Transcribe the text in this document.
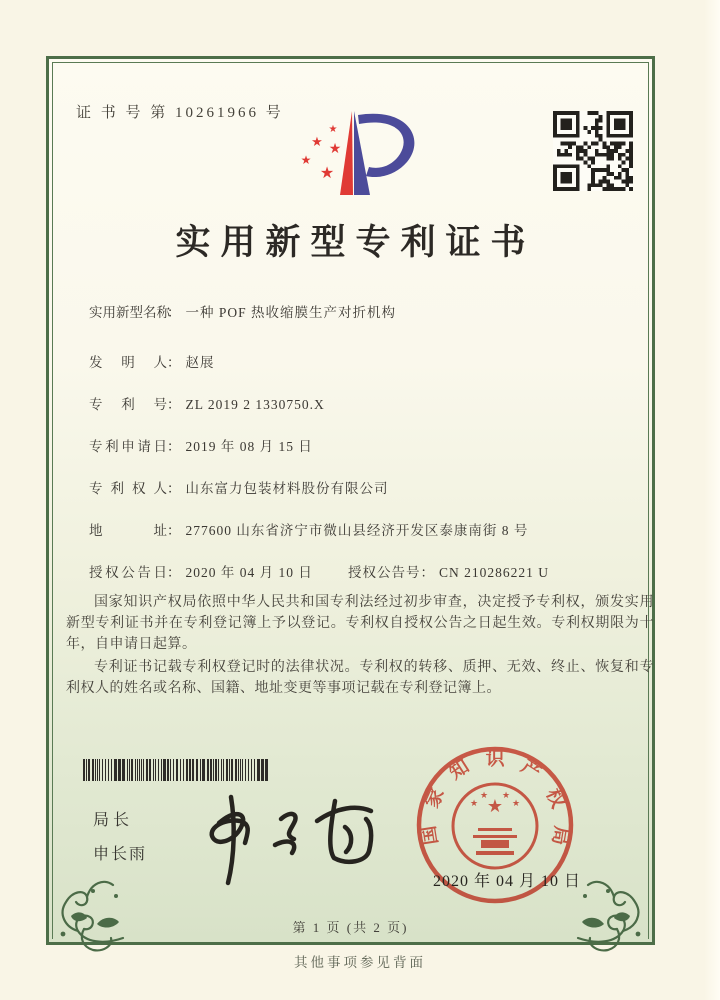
证 书 号 第 10261966 号
★
★ ★
★
★
实用新型专利证书
实用新型名称： 一种 POF 热收缩膜生产对折机构
发明人： 赵展
专利号： ZL 2019 2 1330750.X
专利申请日： 2019 年 08 月 15 日
专利权人： 山东富力包装材料股份有限公司
地址： 277600 山东省济宁市微山县经济开发区泰康南街 8 号
授权公告日： 2020 年 04 月 10 日	授权公告号： CN 210286221 U
国家知识产权局依照中华人民共和国专利法经过初步审查，决定授予专利权，颁发实用新型专利证书并在专利登记簿上予以登记。专利权自授权公告之日起生效。专利权期限为十年，自申请日起算。
专利证书记载专利权登记时的法律状况。专利权的转移、质押、无效、终止、恢复和专利权人的姓名或名称、国籍、地址变更等事项记载在专利登记簿上。
局长
申长雨
国家知识产权局
★
★
★ ★
★
2020 年 04 月 10 日
第 1 页 (共 2 页)
其他事项参见背面
